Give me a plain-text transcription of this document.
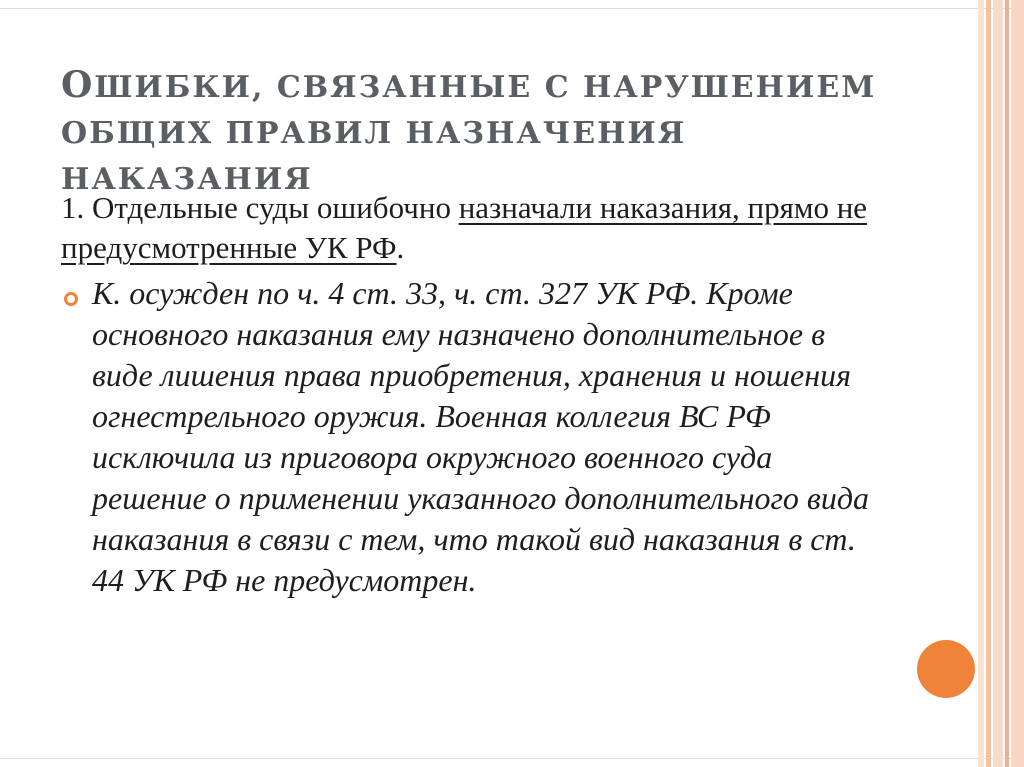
ОШИБКИ, СВЯЗАННЫЕ С НАРУШЕНИЕМ
ОБЩИХ ПРАВИЛ НАЗНАЧЕНИЯ НАКАЗАНИЯ
1. Отдельные суды ошибочно назначали наказания, прямо не предусмотренные УК РФ.
К. осужден по ч. 4 ст. 33, ч. ст. 327 УК РФ. Кроме основного наказания ему назначено дополнительное в виде лишения права приобретения, хранения и ношения огнестрельного оружия. Военная коллегия ВС РФ исключила из приговора окружного военного суда решение о применении указанного дополнительного вида наказания в связи с тем, что такой вид наказания в ст. 44 УК РФ не предусмотрен.
